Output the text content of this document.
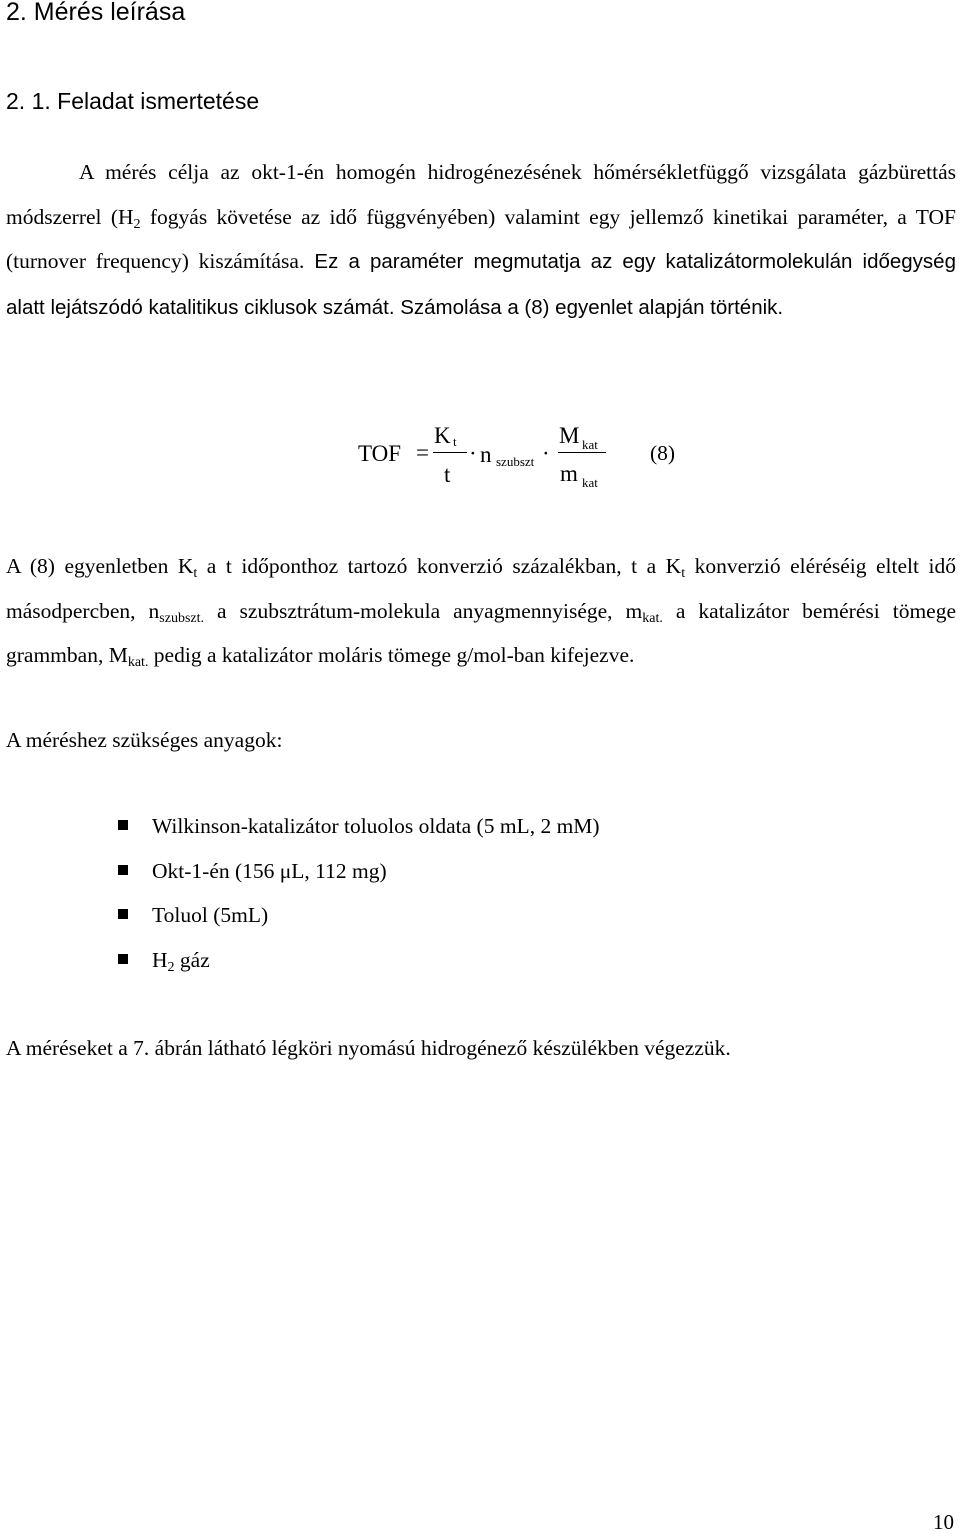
2. Mérés leírása
2. 1. Feladat ismertetése
A mérés célja az okt-1-én homogén hidrogénezésének hőmérsékletfüggő vizsgálata gázbürettás módszerrel ($H_2$ fogyás követése az idő függvényében) valamint egy jellemző kinetikai paraméter, a TOF (turnover frequency) kiszámítása. Ez a paraméter megmutatja az egy katalizátormolekulán időegység alatt lejátszódó katalitikus ciklusok számát. Számolása a (8) egyenlet alapján történik.
TOF =
K t
t
· n szubszt ·
M kat
m kat
(8)
A (8) egyenletben $K_t$ a t időponthoz tartozó konverzió százalékban, t a $K_t$ konverzió eléréséig eltelt idő másodpercben, $n_{szubszt.}$ a szubsztrátum-molekula anyagmennyisége, $m_{kat.}$ a katalizátor bemérési tömege grammban, $M_{kat.}$ pedig a katalizátor moláris tömege g/mol-ban kifejezve.
A méréshez szükséges anyagok:
Wilkinson-katalizátor toluolos oldata (5 mL, 2 mM)
Okt-1-én (156 μL, 112 mg)
Toluol (5mL)
$H_2$ gáz
A méréseket a 7. ábrán látható légköri nyomású hidrogénező készülékben végezzük.
10
